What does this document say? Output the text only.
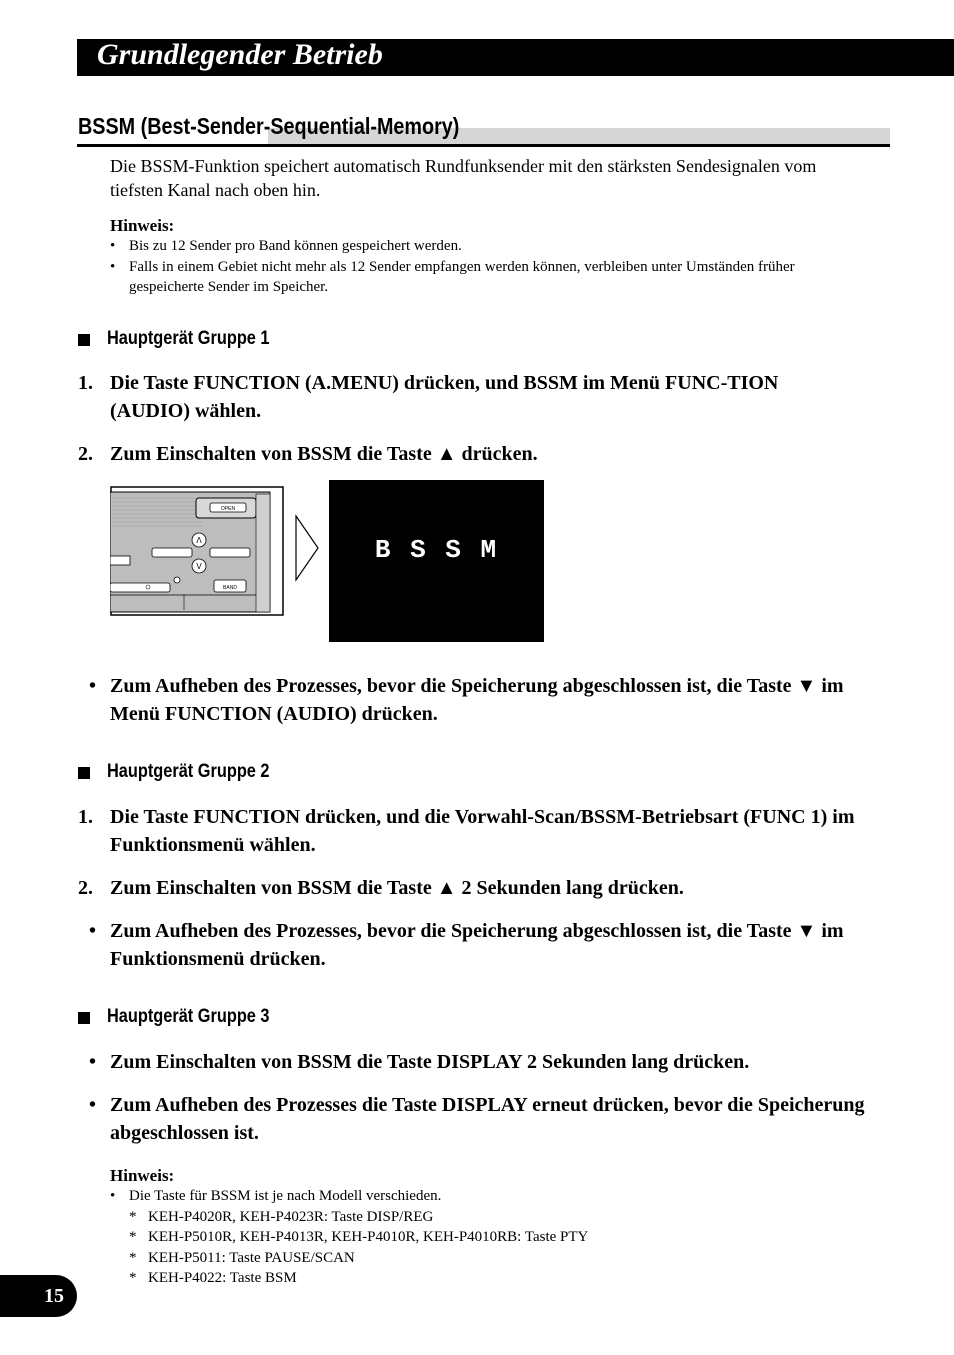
Grundlegender Betrieb
BSSM (Best-Sender-Sequential-Memory)
Die BSSM-Funktion speichert automatisch Rundfunksender mit den stärksten Sendesignalen vom tiefsten Kanal nach oben hin.
Hinweis:
• Bis zu 12 Sender pro Band können gespeichert werden.
• Falls in einem Gebiet nicht mehr als 12 Sender empfangen werden können, verbleiben unter Umständen früher gespeicherte Sender im Speicher.
Hauptgerät Gruppe 1
1. Die Taste FUNCTION (A.MENU) drücken, und BSSM im Menü FUNC-TION (AUDIO) wählen.
2. Zum Einschalten von BSSM die Taste ▲ drücken.
OPEN
Λ
V
BAND
B S S M
• Zum Aufheben des Prozesses, bevor die Speicherung abgeschlossen ist, die Taste ▼ im Menü FUNCTION (AUDIO) drücken.
Hauptgerät Gruppe 2
1. Die Taste FUNCTION drücken, und die Vorwahl-Scan/BSSM-Betriebsart (FUNC 1) im Funktionsmenü wählen.
2. Zum Einschalten von BSSM die Taste ▲ 2 Sekunden lang drücken.
• Zum Aufheben des Prozesses, bevor die Speicherung abgeschlossen ist, die Taste ▼ im Funktionsmenü drücken.
Hauptgerät Gruppe 3
• Zum Einschalten von BSSM die Taste DISPLAY 2 Sekunden lang drücken.
• Zum Aufheben des Prozesses die Taste DISPLAY erneut drücken, bevor die Speicherung abgeschlossen ist.
Hinweis:
• Die Taste für BSSM ist je nach Modell verschieden.
* KEH-P4020R, KEH-P4023R: Taste DISP/REG
* KEH-P5010R, KEH-P4013R, KEH-P4010R, KEH-P4010RB: Taste PTY
* KEH-P5011: Taste PAUSE/SCAN
* KEH-P4022: Taste BSM
15
